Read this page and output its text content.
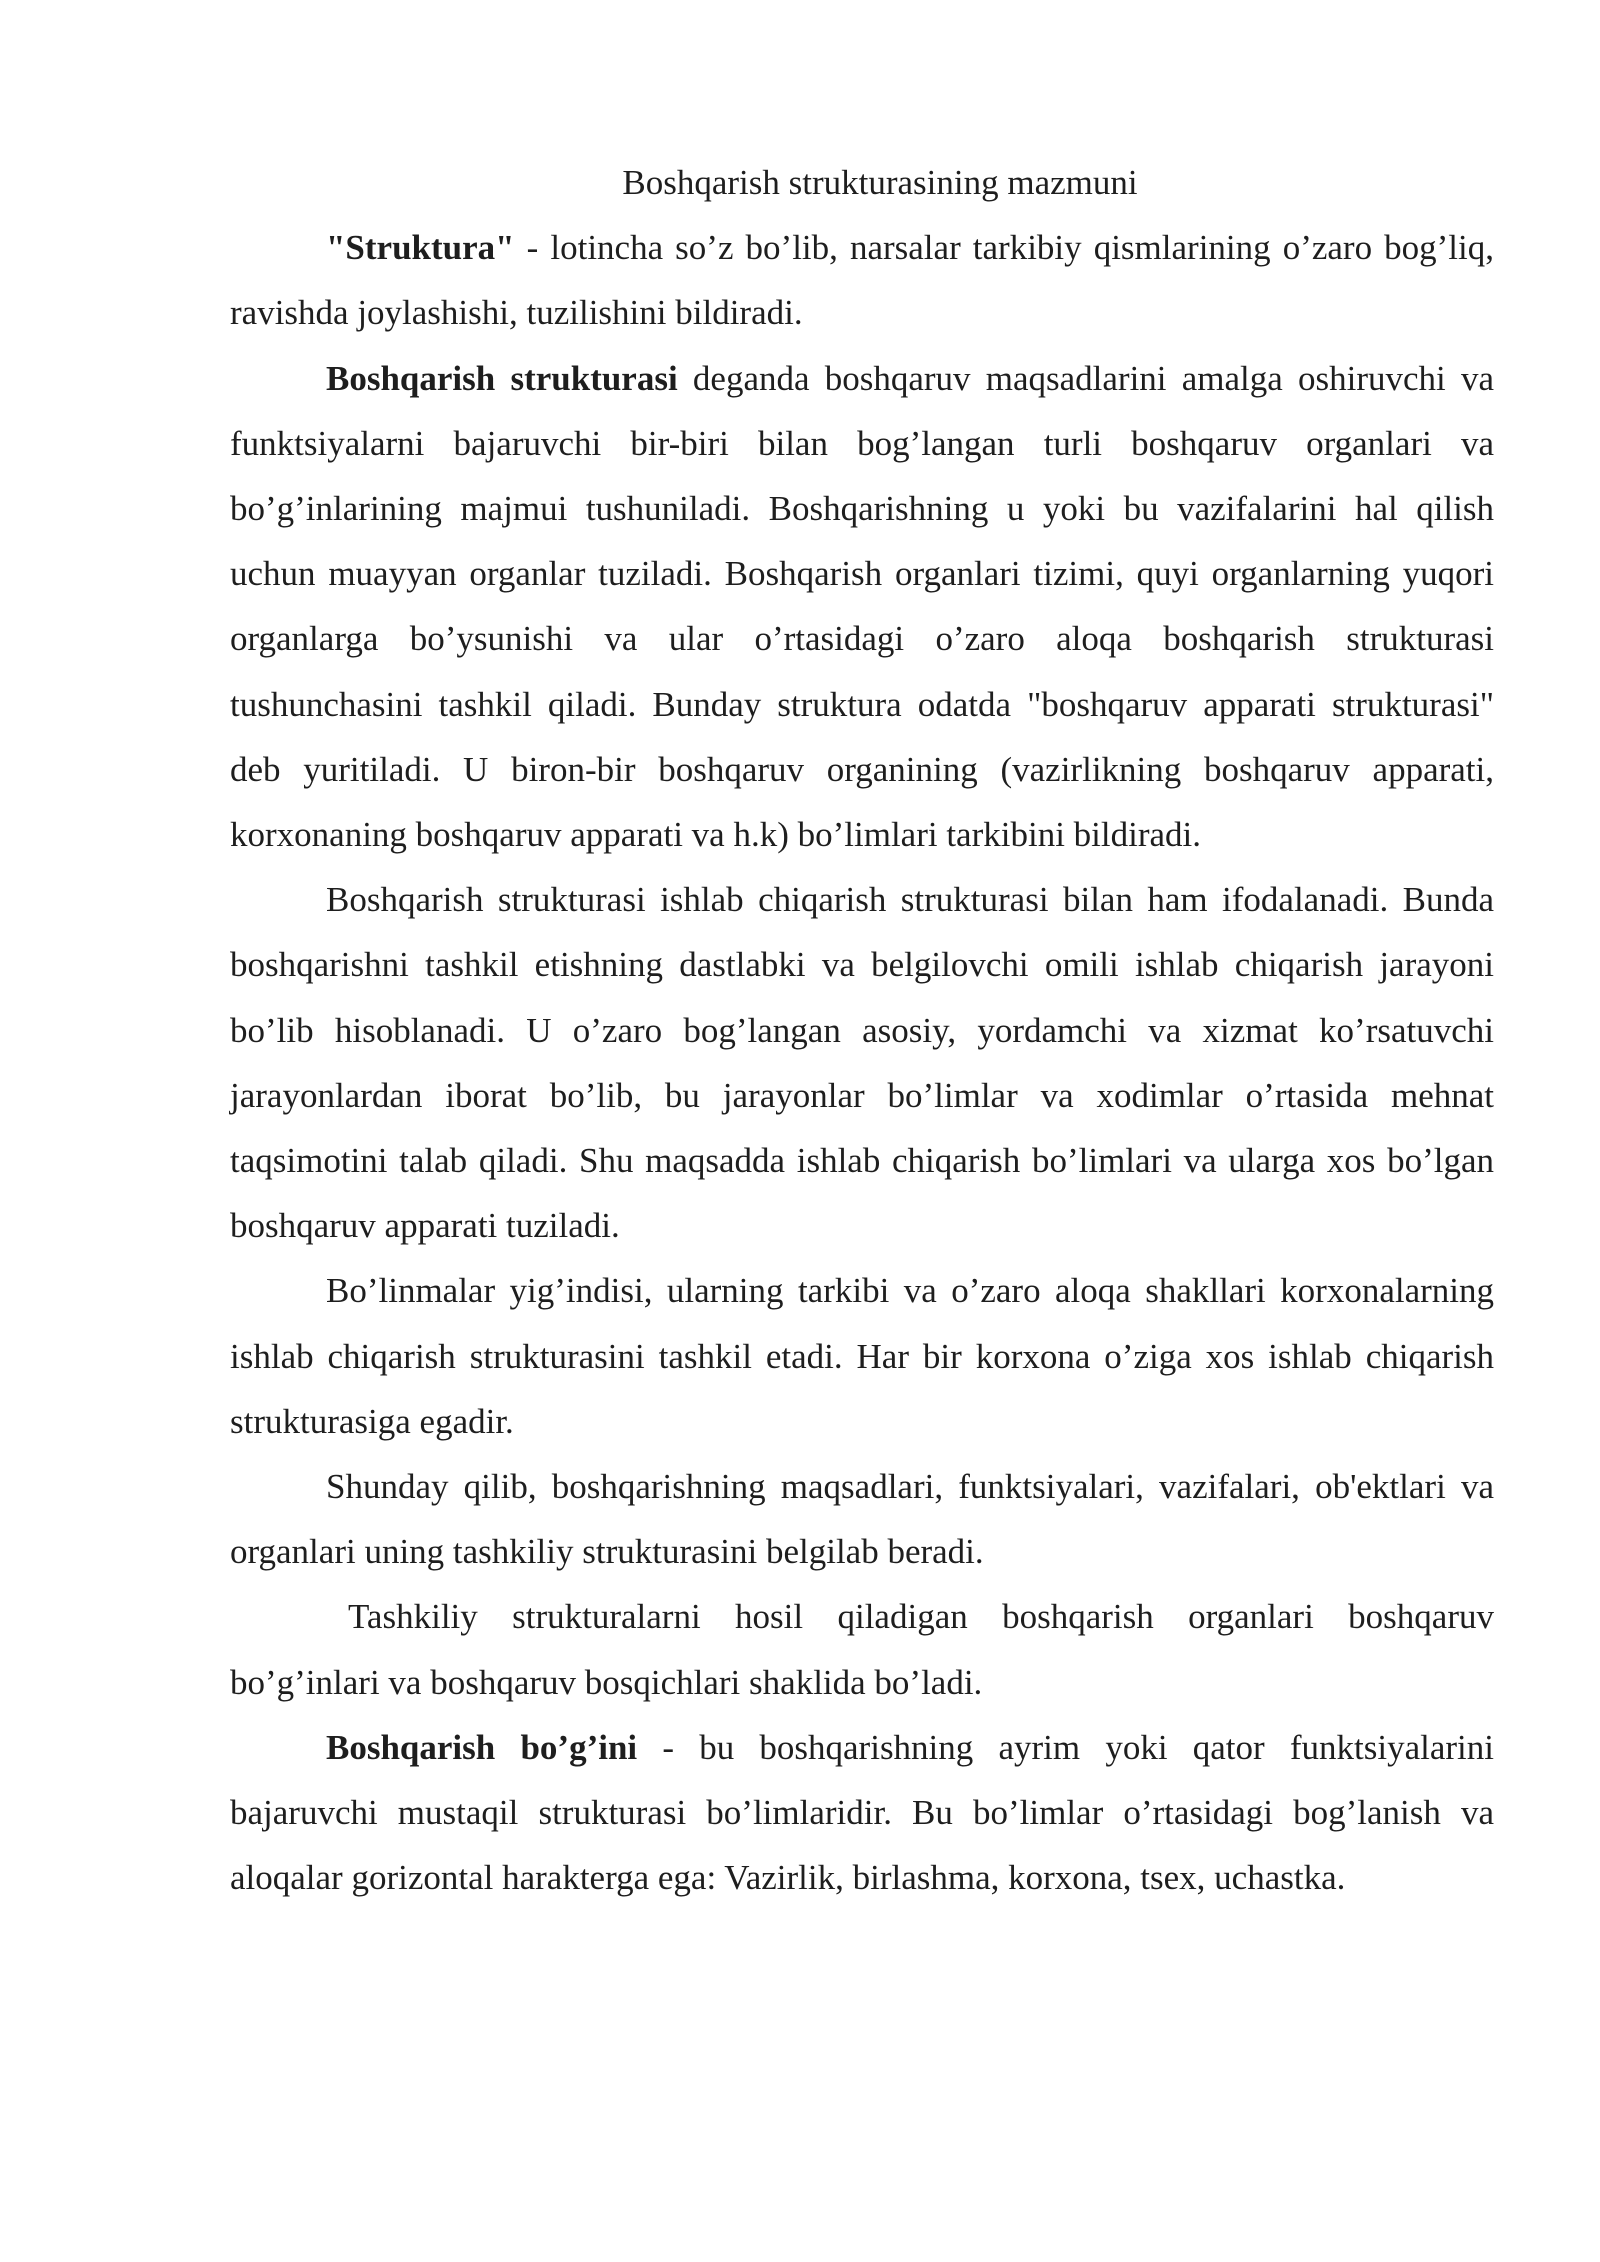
Boshqarish strukturasining mazmuni

"Struktura" - lotincha so’z bo’lib, narsalar tarkibiy qismlarining o’zaro bog’liq, ravishda joylashishi, tuzilishini bildiradi.

Boshqarish strukturasi deganda boshqaruv maqsadlarini amalga oshiruvchi va funktsiyalarni bajaruvchi bir-biri bilan bog’langan turli boshqaruv organlari va bo’g’inlarining majmui tushuniladi. Boshqarishning u yoki bu vazifalarini hal qilish uchun muayyan organlar tuziladi. Boshqarish organlari tizimi, quyi organlarning yuqori organlarga bo’ysunishi va ular o’rtasidagi o’zaro aloqa boshqarish strukturasi tushunchasini tashkil qiladi. Bunday struktura odatda "boshqaruv apparati strukturasi" deb yuritiladi. U biron-bir boshqaruv organining (vazirlikning boshqaruv apparati, korxonaning boshqaruv apparati va h.k) bo’limlari tarkibini bildiradi.

Boshqarish strukturasi ishlab chiqarish strukturasi bilan ham ifodalanadi. Bunda boshqarishni tashkil etishning dastlabki va belgilovchi omili ishlab chiqarish jarayoni bo’lib hisoblanadi. U o’zaro bog’langan asosiy, yordamchi va xizmat ko’rsatuvchi jarayonlardan iborat bo’lib, bu jarayonlar bo’limlar va xodimlar o’rtasida mehnat taqsimotini talab qiladi. Shu maqsadda ishlab chiqarish bo’limlari va ularga xos bo’lgan boshqaruv apparati tuziladi.

Bo’linmalar yig’indisi, ularning tarkibi va o’zaro aloqa shakllari korxonalarning ishlab chiqarish strukturasini tashkil etadi. Har bir korxona o’ziga xos ishlab chiqarish strukturasiga egadir.

Shunday qilib, boshqarishning maqsadlari, funktsiyalari, vazifalari, ob'ektlari va organlari uning tashkiliy strukturasini belgilab beradi.

Tashkiliy strukturalarni hosil qiladigan boshqarish organlari boshqaruv bo’g’inlari va boshqaruv bosqichlari shaklida bo’ladi.

Boshqarish bo’g’ini - bu boshqarishning ayrim yoki qator funktsiyalarini bajaruvchi mustaqil strukturasi bo’limlaridir. Bu bo’limlar o’rtasidagi bog’lanish va aloqalar gorizontal harakterga ega: Vazirlik, birlashma, korxona, tsex, uchastka.
